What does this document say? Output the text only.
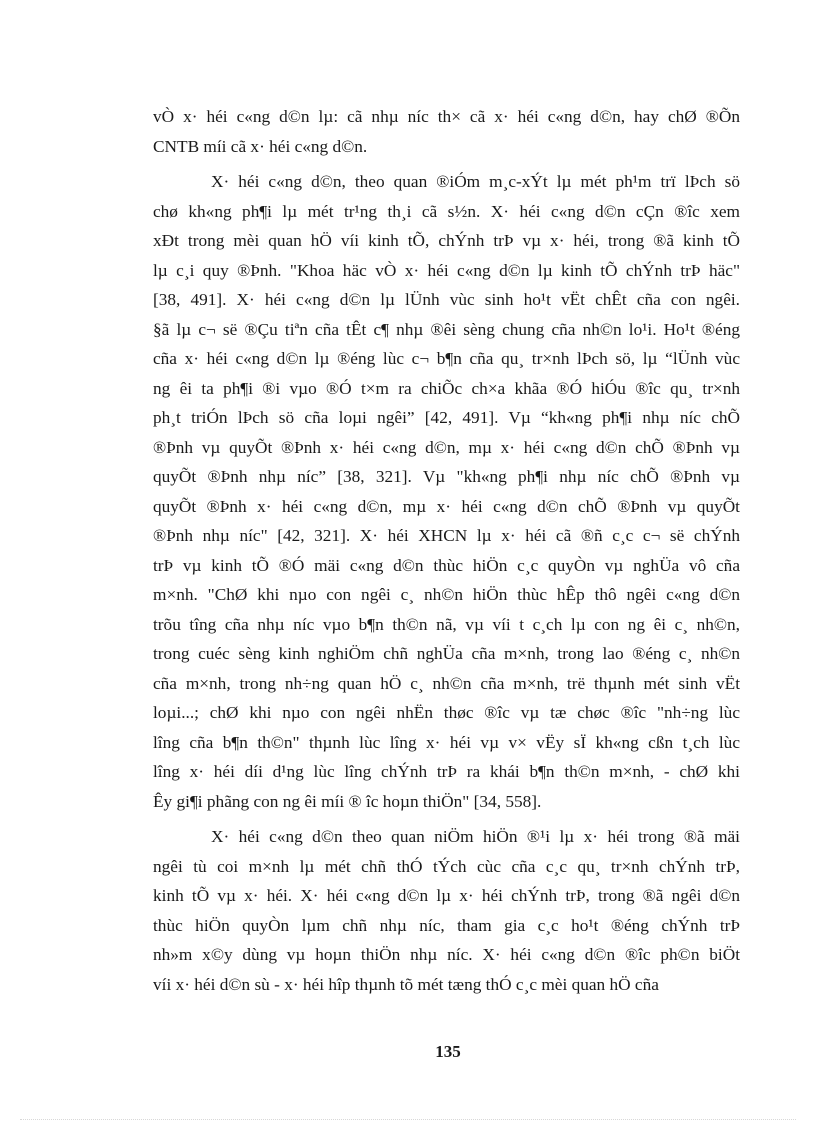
vÒ x· héi c«ng d©n lµ: cã nhµ níc th× cã x· héi c«ng d©n, hay chØ ®Õn
CNTB míi cã x· héi c«ng d©n.
X· héi c«ng d©n, theo quan ®iÓm m¸c-xÝt lµ mét ph¹m trï lÞch sö
chø kh«ng ph¶i lµ mét tr¹ng th¸i cã s½n. X· héi c«ng d©n cÇn ®îc xem
xÐt trong mèi quan hÖ víi kinh tÕ, chÝnh trÞ vµ x· héi, trong ®ã kinh tÕ
lµ c¸i quy ®Þnh. "Khoa häc vÒ x· héi c«ng d©n lµ kinh tÕ chÝnh trÞ häc"
[38, 491]. X· héi c«ng d©n lµ lÜnh vùc sinh ho¹t vËt chÊt cña con ngêi.
§ã lµ c¬ së ®Çu tiªn cña tÊt c¶ nhµ ®êi sèng chung cña nh©n lo¹i. Ho¹t ®éng
cña x· héi c«ng d©n lµ ®éng lùc c¬ b¶n cña qu¸ tr×nh lÞch sö, lµ “lÜnh vùc
ng êi ta ph¶i ®i vµo ®Ó t×m ra chiÕc ch×a khãa ®Ó hiÓu ®îc qu¸ tr×nh
ph¸t triÓn lÞch sö cña loµi ngêi” [42, 491]. Vµ “kh«ng ph¶i nhµ níc chÕ
®Þnh vµ quyÕt ®Þnh x· héi c«ng d©n, mµ x· héi c«ng d©n chÕ ®Þnh vµ
quyÕt ®Þnh nhµ níc” [38, 321]. Vµ "kh«ng ph¶i nhµ níc chÕ ®Þnh vµ
quyÕt ®Þnh x· héi c«ng d©n, mµ x· héi c«ng d©n chÕ ®Þnh vµ quyÕt
®Þnh nhµ níc" [42, 321]. X· héi XHCN lµ x· héi cã ®ñ c¸c c¬ së chÝnh
trÞ vµ kinh tÕ ®Ó mäi c«ng d©n thùc hiÖn c¸c quyÒn vµ nghÜa vô cña
m×nh. "ChØ khi nµo con ngêi c¸ nh©n hiÖn thùc hÊp thô ngêi c«ng d©n
trõu tîng cña nhµ níc vµo b¶n th©n nã, vµ víi t c¸ch lµ con ng êi c¸ nh©n,
trong cuéc sèng kinh nghiÖm chñ nghÜa cña m×nh, trong lao ®éng c¸ nh©n
cña m×nh, trong nh÷ng quan hÖ c¸ nh©n cña m×nh, trë thµnh mét sinh vËt
loµi...; chØ khi nµo con ngêi nhËn thøc ®îc vµ tæ chøc ®îc "nh÷ng lùc
lîng cña b¶n th©n" thµnh lùc lîng x· héi vµ v× vËy sÏ kh«ng cßn t¸ch lùc
lîng x· héi díi d¹ng lùc lîng chÝnh trÞ ra khái b¶n th©n m×nh, - chØ khi
Êy gi¶i phãng con ng êi míi ® îc hoµn thiÖn" [34, 558].
X· héi c«ng d©n theo quan niÖm hiÖn ®¹i lµ x· héi trong ®ã mäi
ngêi tù coi m×nh lµ mét chñ thÓ tÝch cùc cña c¸c qu¸ tr×nh chÝnh trÞ,
kinh tÕ vµ x· héi. X· héi c«ng d©n lµ x· héi chÝnh trÞ, trong ®ã ngêi d©n
thùc hiÖn quyÒn lµm chñ nhµ níc, tham gia c¸c ho¹t ®éng chÝnh trÞ
nh»m x©y dùng vµ hoµn thiÖn nhµ níc. X· héi c«ng d©n ®îc ph©n biÖt
víi x· héi d©n sù - x· héi hîp thµnh tõ mét tæng thÓ c¸c mèi quan hÖ cña
135
